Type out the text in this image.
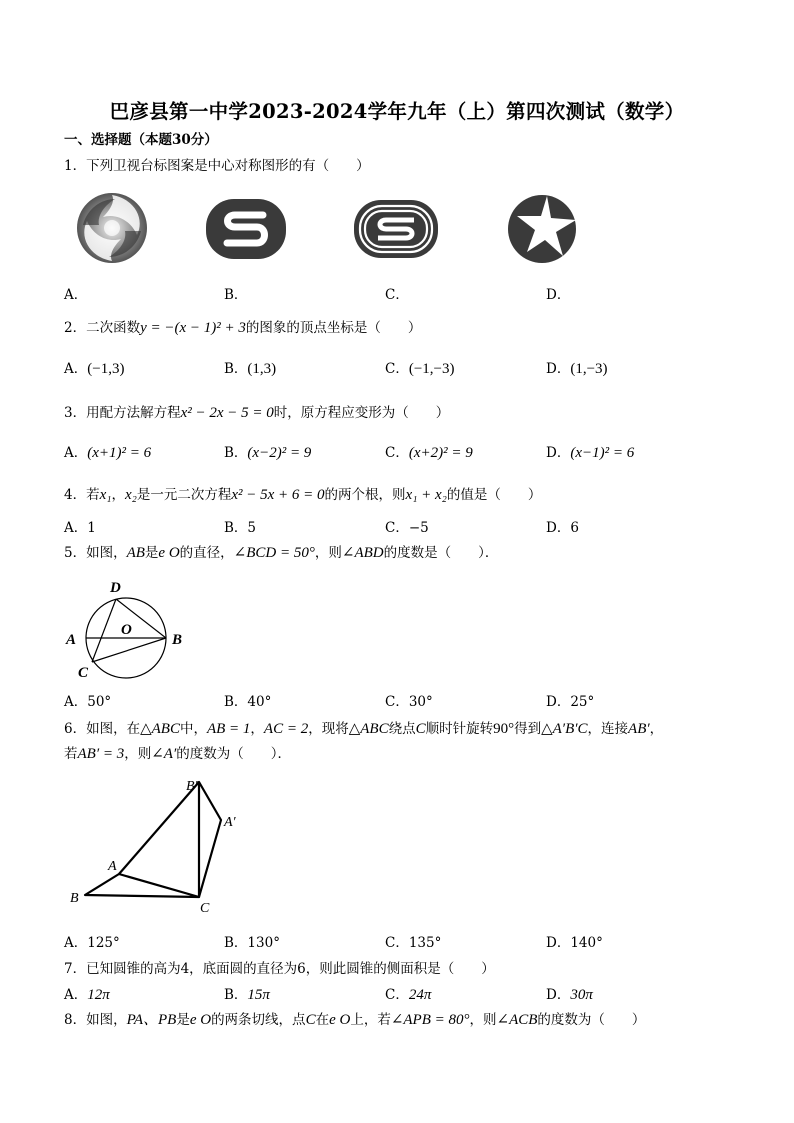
巴彦县第一中学2023-2024学年九年（上）第四次测试（数学）
一、选择题（本题30分）
1．下列卫视台标图案是中心对称图形的有（　　）
A．	B．	C．	D．
2．二次函数y = −(x − 1)² + 3的图象的顶点坐标是（　　）
A．(−1,3)	B．(1,3)	C．(−1,−3)	D．(1,−3)
3．用配方法解方程x² − 2x − 5 = 0时，原方程应变形为（　　）
A．(x+1)² = 6	B．(x−2)² = 9	C．(x+2)² = 9	D．(x−1)² = 6
4．若x₁，x₂是一元二次方程x² − 5x + 6 = 0的两个根，则x₁ + x₂的值是（　　）
A．1	B．5	C．−5	D．6
5．如图，AB是e O的直径，∠BCD = 50°，则∠ABD的度数是（　　）．
D
A
O
B
C
A．50°	B．40°	C．30°	D．25°
6．如图，在△ABC中，AB = 1，AC = 2，现将△ABC绕点C顺时针旋转90°得到△A′B′C，连接AB′，
若AB′ = 3，则∠A′的度数为（　　）．
B′
A′
A
B
C
A．125°	B．130°	C．135°	D．140°
7．已知圆锥的高为4，底面圆的直径为6，则此圆锥的侧面积是（　　）
A．12π	B．15π	C．24π	D．30π
8．如图，PA、PB是e O的两条切线，点C在e O上，若∠APB = 80°，则∠ACB的度数为（　　）
